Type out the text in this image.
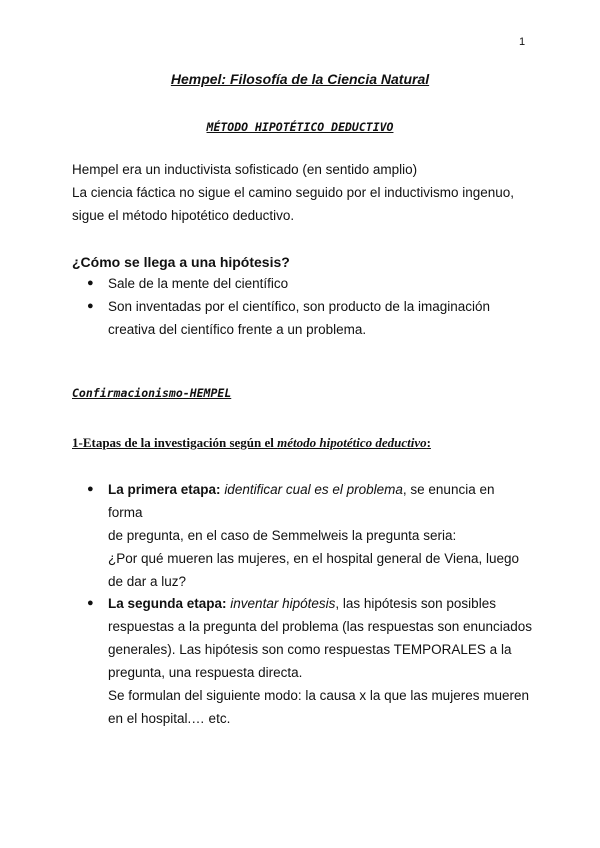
1
Hempel: Filosofía de la Ciencia Natural
MÉTODO HIPOTÉTICO DEDUCTIVO

Hempel era un inductivista sofisticado (en sentido amplio)

La ciencia fáctica no sigue el camino seguido por el inductivismo ingenuo,

sigue el método hipotético deductivo.

¿Cómo se llega a una hipótesis?
● Sale de la mente del científico
● Son inventadas por el científico, son producto de la imaginación
creativa del científico frente a un problema.
Confirmacionismo-HEMPEL
1-Etapas de la investigación según el método hipotético deductivo:
● La primera etapa: identificar cual es el problema, se enuncia en forma
de pregunta, en el caso de Semmelweis la pregunta seria:
¿Por qué mueren las mujeres, en el hospital general de Viena, luego
de dar a luz?
● La segunda etapa: inventar hipótesis, las hipótesis son posibles
respuestas a la pregunta del problema (las respuestas son enunciados
generales). Las hipótesis son como respuestas TEMPORALES a la
pregunta, una respuesta directa.
Se formulan del siguiente modo: la causa x la que las mujeres mueren
en el hospital.… etc.
